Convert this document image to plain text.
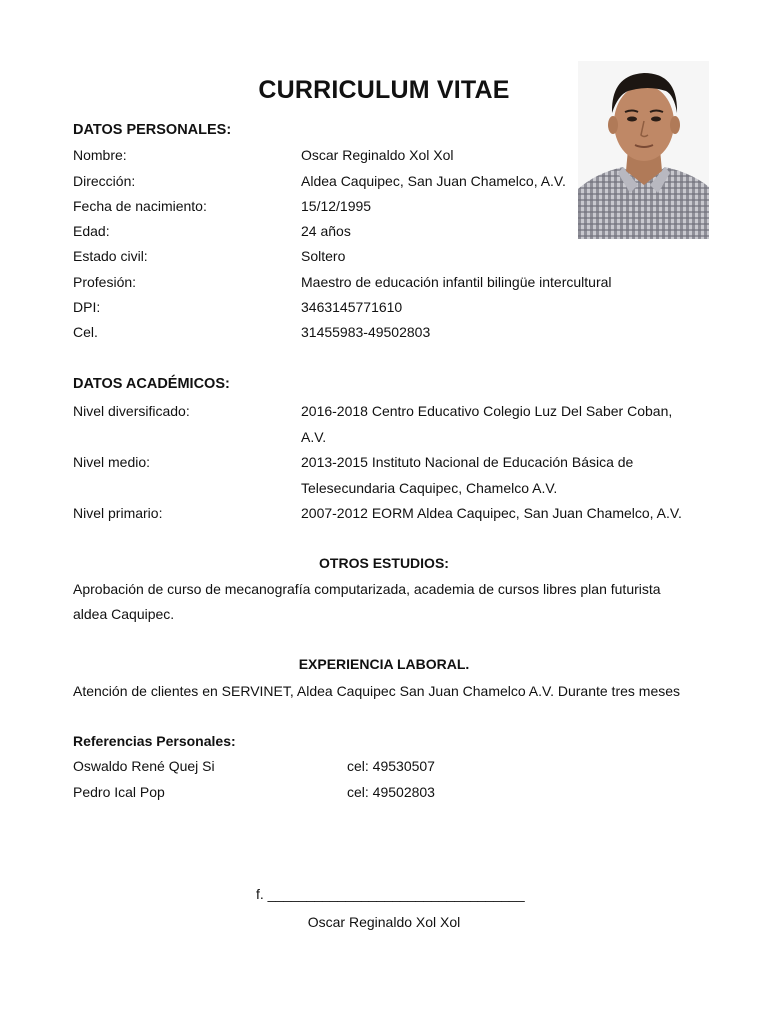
CURRICULUM VITAE
DATOS PERSONALES:
Nombre:	Oscar Reginaldo Xol Xol
Dirección:	Aldea Caquipec, San Juan Chamelco, A.V.
Fecha de nacimiento:	15/12/1995
Edad:	24 años
Estado civil:	Soltero
Profesión:	Maestro de educación infantil bilingüe intercultural
DPI:	3463145771610
Cel.	31455983-49502803
DATOS ACADÉMICOS:
Nivel diversificado:	2016-2018 Centro Educativo Colegio Luz Del Saber Coban,
A.V.
Nivel medio:	2013-2015 Instituto Nacional de Educación Básica de
Telesecundaria Caquipec, Chamelco A.V.
Nivel primario:	2007-2012 EORM Aldea Caquipec, San Juan Chamelco, A.V.
OTROS ESTUDIOS:
Aprobación de curso de mecanografía computarizada, academia de cursos libres plan futurista
aldea Caquipec.
EXPERIENCIA LABORAL.
Atención de clientes en SERVINET, Aldea Caquipec San Juan Chamelco A.V. Durante tres meses
Referencias Personales:
Oswaldo René Quej Si	cel: 49530507
Pedro Ical Pop	cel: 49502803
f. _________________________________
Oscar Reginaldo Xol Xol
